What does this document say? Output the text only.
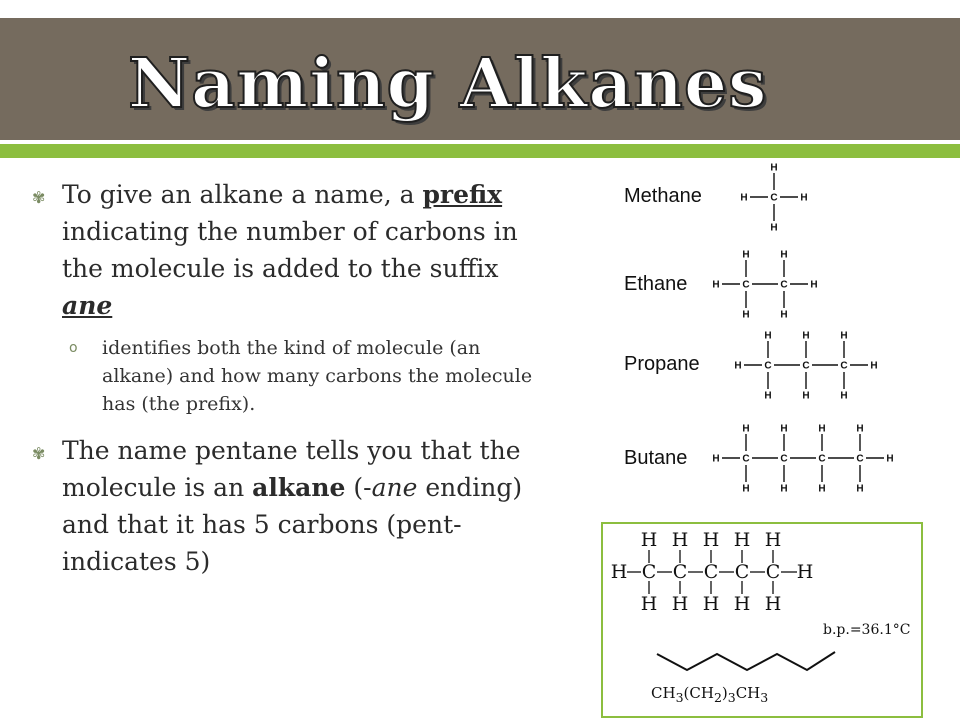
Naming Alkanes
✾ To give an alkane a name, a prefix indicating the number of carbons in the molecule is added to the suffix ane
o identifies both the kind of molecule (an alkane) and how many carbons the molecule has (the prefix).
✾ The name pentane tells you that the molecule is an alkane (-ane ending) and that it has 5 carbons (pent- indicates 5)
Methane
Ethane
Propane
Butane
H	H
C
H
H
H	H
C
H
H
C
H
H
H	H
C
H
H
C
H
H
C
H
H
H	H
C
H
H
C
H
H
C
H
H
C
H
H
H	H
C
H
H
C
H
H
C
H
H
C
H
H
C
H
H
b.p.=36.1°C
$CH_3(CH_2)_3CH_3$
